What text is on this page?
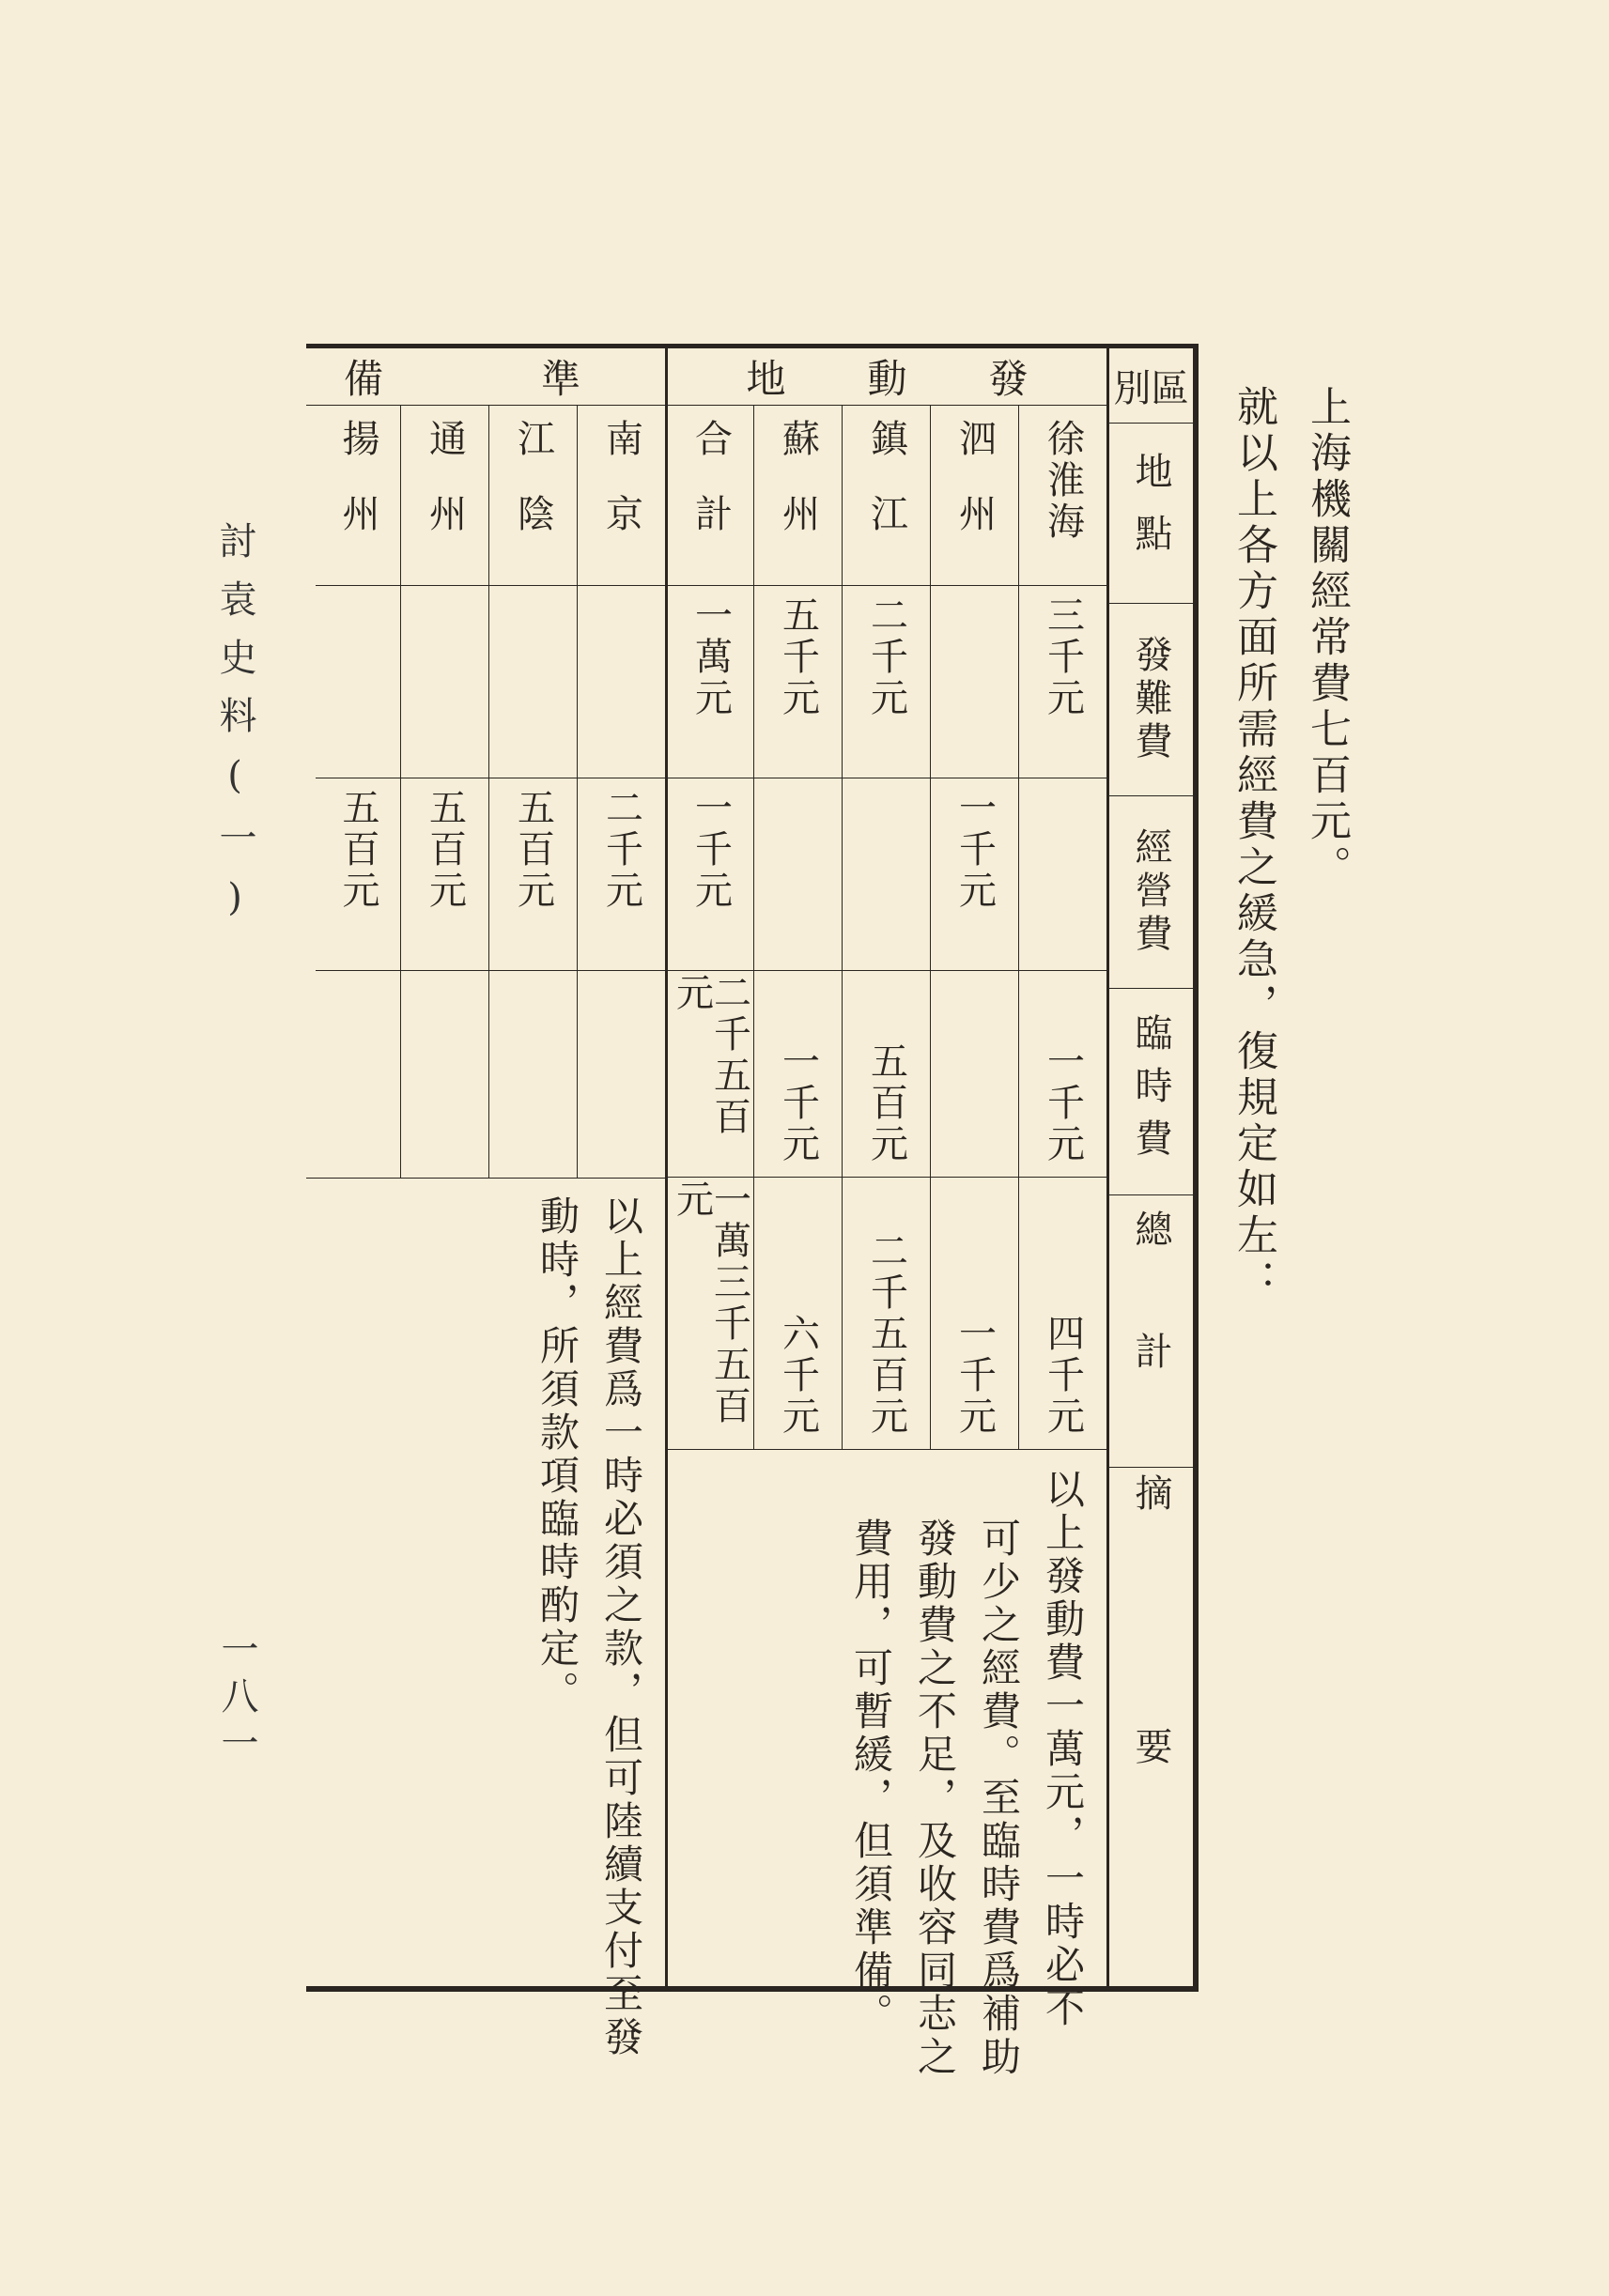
上海機關經常費七百元。
就以上各方面所需經費之緩急，復規定如左：
討袁史料(一)
一八一
區別
地點
發難費
經營費
臨時費
總計
摘要
發
動
地
徐淮海
三千元
一千元
四千元
泗州
一千元
一千元
鎮江
二千元
五百元
二千五百元
蘇州
五千元
一千元
六千元
合計
一萬元
一千元
二千五百元
一萬三千五百元
以上發動費一萬元，一時必不
可少之經費。至臨時費爲補助
發動費之不足，及收容同志之
費用，可暫緩，但須準備。
準
備
南京
二千元
江陰
五百元
通州
五百元
揚州
五百元
以上經費爲一時必須之款，但可陸續支付至發
動時，所須款項臨時酌定。
